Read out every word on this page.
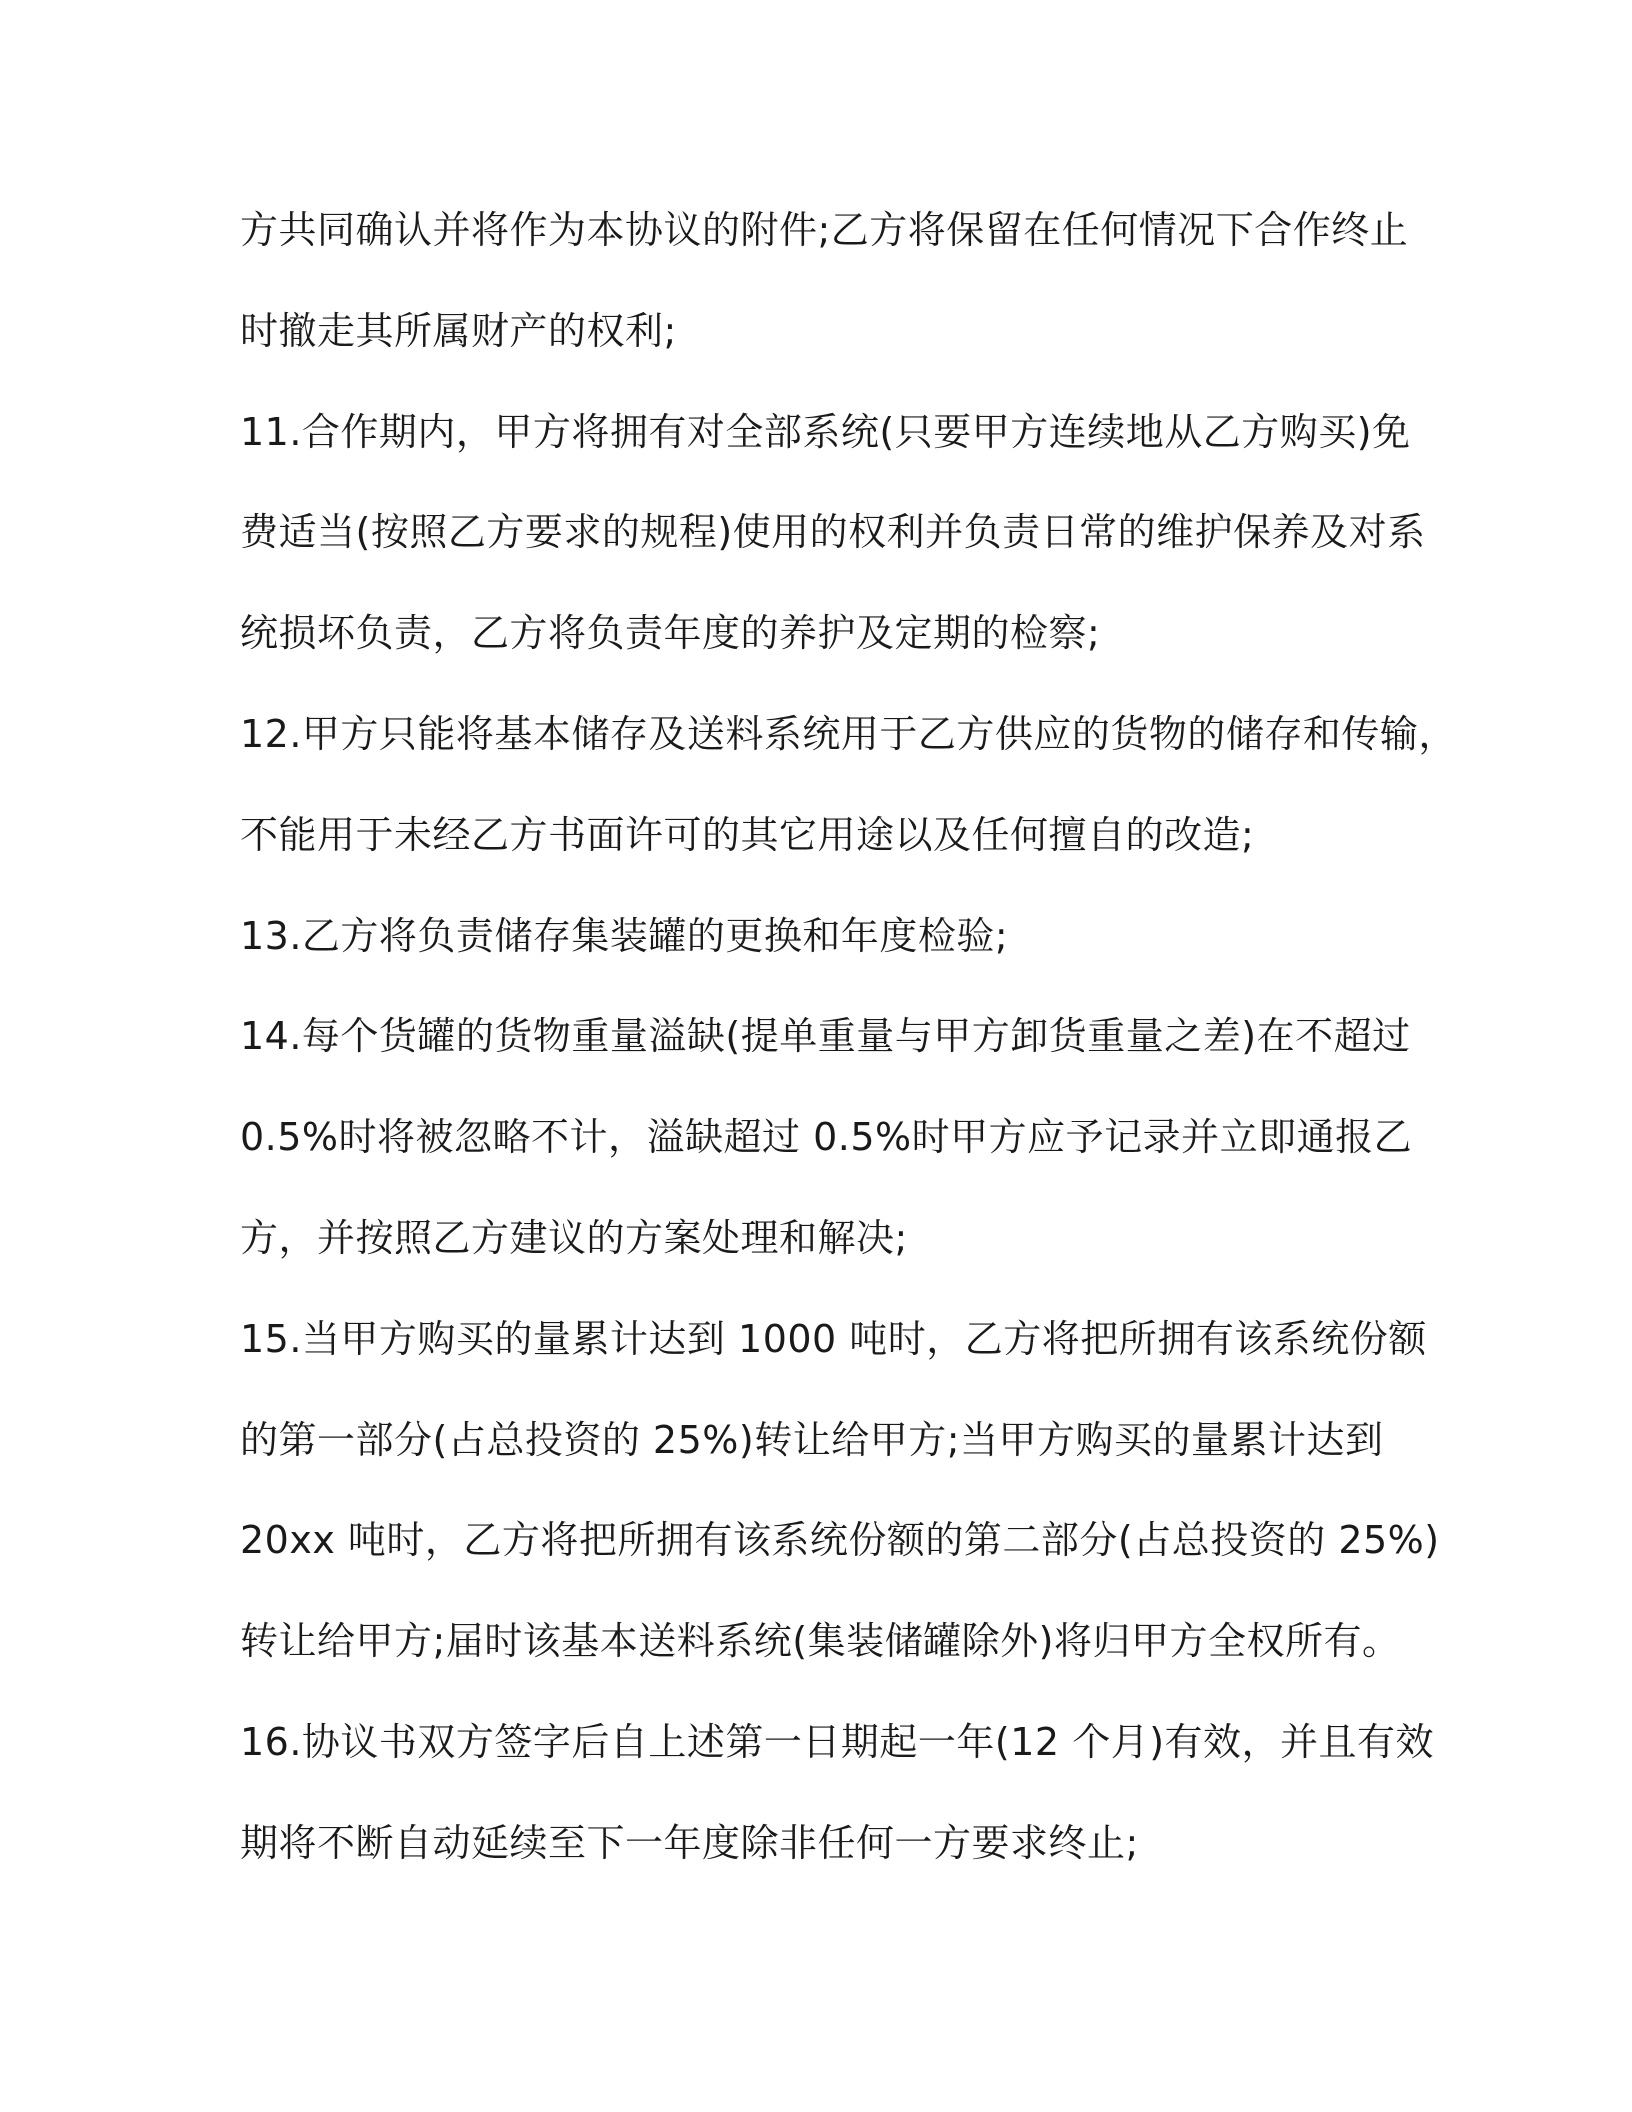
方共同确认并将作为本协议的附件;乙方将保留在任何情况下合作终止
时撤走其所属财产的权利;
11.合作期内，甲方将拥有对全部系统(只要甲方连续地从乙方购买)免
费适当(按照乙方要求的规程)使用的权利并负责日常的维护保养及对系
统损坏负责，乙方将负责年度的养护及定期的检察;
12.甲方只能将基本储存及送料系统用于乙方供应的货物的储存和传输，
不能用于未经乙方书面许可的其它用途以及任何擅自的改造;
13.乙方将负责储存集装罐的更换和年度检验;
14.每个货罐的货物重量溢缺(提单重量与甲方卸货重量之差)在不超过
0.5%时将被忽略不计，溢缺超过 0.5%时甲方应予记录并立即通报乙
方，并按照乙方建议的方案处理和解决;
15.当甲方购买的量累计达到 1000 吨时，乙方将把所拥有该系统份额
的第一部分(占总投资的 25%)转让给甲方;当甲方购买的量累计达到
20xx 吨时，乙方将把所拥有该系统份额的第二部分(占总投资的 25%)
转让给甲方;届时该基本送料系统(集装储罐除外)将归甲方全权所有。
16.协议书双方签字后自上述第一日期起一年(12 个月)有效，并且有效
期将不断自动延续至下一年度除非任何一方要求终止;
